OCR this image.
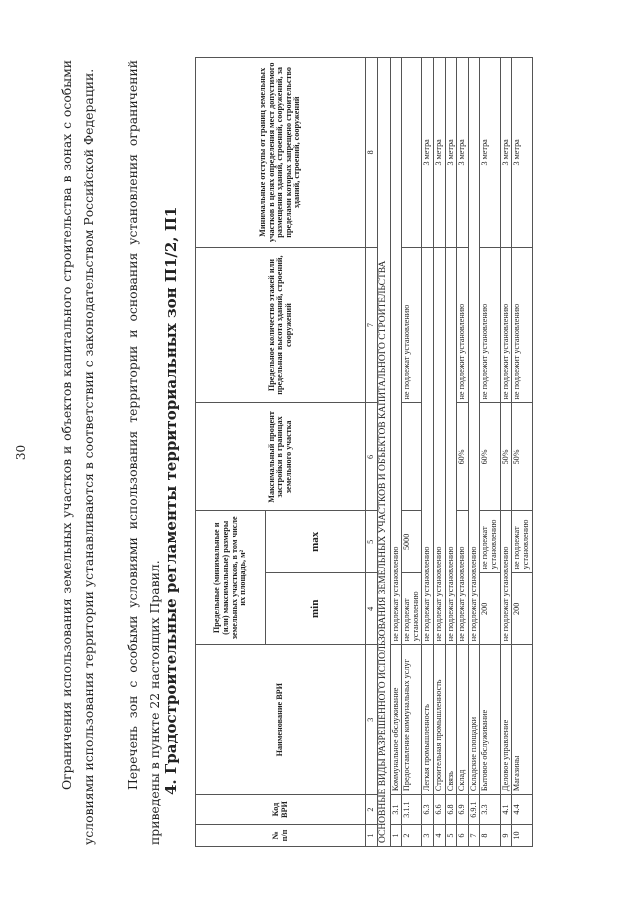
30	Ограничения использования земельных участков и объектов капитального строительства в зонах с особыми условиями использования территории устанавливаются в соответствии с законодательством Российской Федерации.	Перечень зон с особыми условиями использования территории и основания установления ограничений приведены в пункте 22 настоящих Правил. 4. Градостроительные регламенты территориальных зон П1/2, П1
№ п/п	Код ВРИ	Наименование ВРИ	Предельные (минимальные и (или) максимальные) размеры земельных участков, в том числе их площадь, м²		Максимальный процент застройки в границах земельного участка	Предельное количество этажей или предельная высота зданий, строений, сооружений	Минимальные отступы от границ земельных участков в целях определения мест допустимого размещения зданий, строений, сооружений, за пределами которых запрещено строительство зданий, строений, сооружений
			min	max			
1	2	3	4	5	6	7	8
ОСНОВНЫЕ ВИДЫ РАЗРЕШЕННОГО ИСПОЛЬЗОВАНИЯ ЗЕМЕЛЬНЫХ УЧАСТКОВ И ОБЪЕКТОВ КАПИТАЛЬНОГО СТРОИТЕЛЬСТВА							
1	3.1	Коммунальное обслуживание	не подлежат установлению				
2	3.1.1	Предоставление коммунальных услуг	не подлежат установлению	5000		не подлежат установлению	
3	6.3	Легкая промышленность	не подлежат установлению				3 метра
4	6.6	Строительная промышленность	не подлежат установлению				3 метра
5	6.8	Связь	не подлежат установлению				3 метра
6	6.9	Склад	не подлежат установлению		60%	не подлежит установлению	3 метра
7	6.9.1	Складские площадки	не подлежат установлению				
8	3.3	Бытовое обслуживание	200	не подлежат установлению	60%	не подлежит установлению	3 метра
9	4.1	Деловое управление	не подлежат установлению		50%	не подлежит установлению	3 метра
10	4.4	Магазины	200	не подлежат установлению	50%	не подлежит установлению	3 метра
